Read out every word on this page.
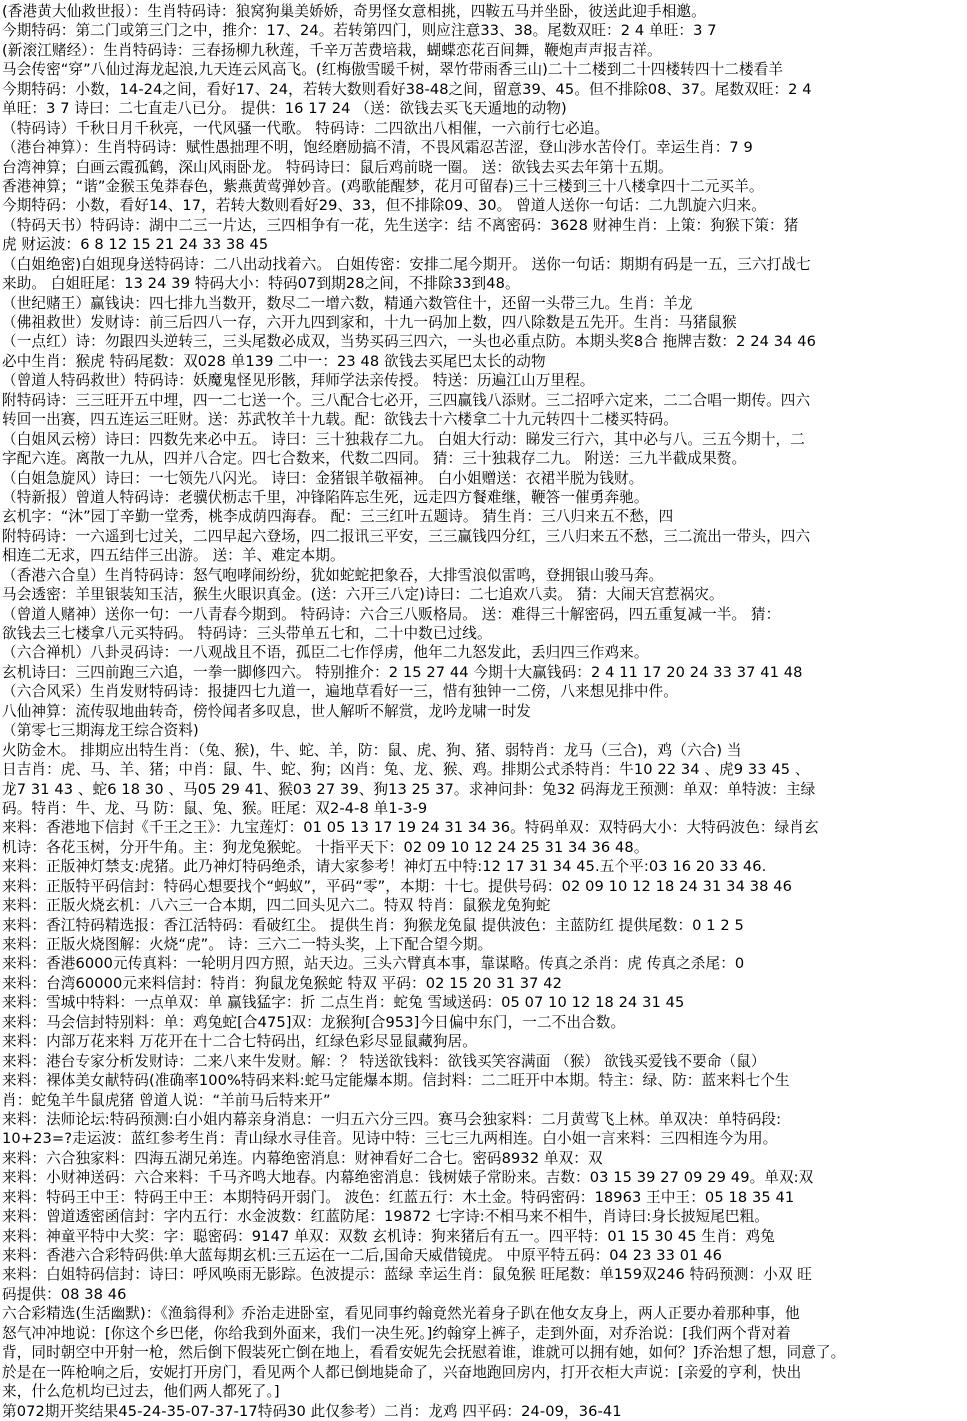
(香港黄大仙救世报）：生肖特码诗：狼窝狗巢美娇娇，奇男怪女意相挑，四鞍五马并坐卧，彼送此迎手相邀。
今期特码：第二门或第三门之中，推介：17、24。若转第四门，则应注意33、38。尾数双旺：2 4 单旺：3 7
(新滚江赌经）：生肖特码诗：三春扬柳九秋莲，千辛万苦费培栽，蝴蝶恋花百间舞，鞭炮声声报吉祥。
马会传密“穿”八仙过海龙起浪,九天连云风高飞。(红梅傲雪暖千树，翠竹带雨香三山)二十二楼到二十四楼转四十二楼看羊
今期特码：小数，14-24之间，看好17、24，若转大数则看好38-48之间，留意39、45。但不排除08、37。尾数双旺：2 4
单旺：3 7 诗曰：二七直走八已分。 提供：16 17 24 （送：欲钱去买飞天遁地的动物)
（特码诗）千秋日月千秋亮，一代风骚一代歌。 特码诗：二四欲出八相催，一六前行七必追。
（港台神算）：生肖特码诗：赋性愚拙理不明，饱经磨励搞不清，不畏风霜忍苦涩，登山涉水苦伶仃。幸运生肖：7 9
台湾神算；白画云霞孤鹤，深山风雨卧龙。 特码诗曰：鼠后鸡前晓一圈。 送：欲钱去买去年第十五期。
香港神算；“谐”金猴玉兔莽春色，紫燕黄莺弹妙音。(鸡歌能醒梦，花月可留春)三十三楼到三十八楼拿四十二元买羊。
今期特码：小数，看好14、17，若转大数则看好29、33，但不排除09、30。 曾道人送你一句话：二九凯旋六归来。
（特码天书）特码诗：湖中二三一片达，三四相争有一花，先生送字：结 不离密码：3628 财神生肖：上策：狗猴下策：猪
虎 财运波：6 8 12 15 21 24 33 38 45
（白姐绝密)白姐现身送特码诗：二八出动找着六。 白姐传密：安排二尾今期开。 送你一句话：期期有码是一五，三六打战七
来助。 白姐旺尾：13 24 39 特码大小：特码07到期28之间，不排除33到48。
（世纪赌王）赢钱诀：四七排九当数开，数尽二一增六数，精通六数管住十，还留一头带三九。生肖：羊龙
（佛祖救世）发财诗：前三后四八一存，六开九四到家和，十九一码加上数，四八除数是五先开。生肖：马猪鼠猴
（一点红）诗：勿跟四头逆转三，三头尾数必成双，当势买码三四六，一头也必重点防。本期头奖8合 拖牌吉数：2 24 34 46
必中生肖：猴虎 特码尾数：双028 单139 二中一：23 48 欲钱去买尾巴太长的动物
（曾道人特码救世）特码诗：妖魔鬼怪见形骸，拜师学法亲传授。 特送：历遍江山万里程。
附特码诗：三三旺开五中埋，四一二七送一个。三八配合七必开，三四赢钱八添财。三二招呼六定来，二二合唱一期传。四六
转回一出赛，四五连运三旺财。送：苏武牧羊十九载。配：欲钱去十六楼拿二十九元转四十二楼买特码。
（白姐风云榜）诗曰：四数先来必中五。 诗曰：三十独栽存二九。 白姐大行动：睇发三行六，其中必与八。三五今期十，二
字配六连。离散一九从，四并八合定。四七合数来，代数二四同。 猜：三十独栽存二九。 附送：三九半截成果赘。
（白姐急旋风）诗曰：一七领先八闪光。 诗曰：金猪银羊敬福神。 白小姐赠送：衣裙半脱为钱财。
（特新报）曾道人特码诗：老骥伏枥志千里，冲锋陷阵忘生死，远走四方餐难继，鞭答一催勇奔驰。
玄机字：“沐”园丁辛勤一堂秀，桃李成荫四海春。 配：三三红叶五题诗。 猜生肖：三八归来五不愁，四
附特码诗：一六遥到七过关，二四早起六登场，四二报讯三平安，三三赢钱四分红，三八归来五不愁，三二流出一带头，四六
相连二无求，四五结伴三出游。 送：羊、难定本期。
（香港六合皇）生肖特码诗：怒气咆哮闹纷纷，犹如蛇蛇把象吞，大排雪浪似雷鸣，登拥银山骏马奔。
马会透密：羊里银装知玉洁，猴生火眼识真金。(送：六开三八定)诗曰：二七追欢八卖。 猜：大闹天宫惹祸灾。
（曾道人赌神）送你一句：一八青春今期到。 特码诗：六合三八贩格局。 送：难得三十解密码，四五重复减一半。 猜：
欲钱去三七楼拿八元买特码。 特码诗：三头带单五七和，二十中数已过线。
（六合禅机）八卦灵码诗：一八观战且不语，孤臣二七作俘虏，他年二九怒发此，丢归四三作鸡来。
玄机诗曰：三四前跑三六追，一拳一脚修四六。 特别推介：2 15 27 44 今期十大赢钱码：2 4 11 17 20 24 33 37 41 48
（六合风采）生肖发财特码诗：报捷四七九道一，遍地草看好一三，惜有独钟一二傍，八来想见排中件。
八仙神算：流传驭地曲转奇，傍怜闻者多叹息，世人解听不解赏，龙吟龙啸一时发
（第零七三期海龙王综合资料)
火防金木。 排期应出特生肖：（兔、猴)，牛、蛇、羊，防：鼠、虎、狗、猪、弱特肖：龙马（三合)，鸡（六合) 当
日吉肖：虎、马、羊、猪；中肖：鼠、牛、蛇、狗；凶肖：兔、龙、猴、鸡。排期公式杀特肖：牛10 22 34 、虎9 33 45 、
龙7 31 43 、蛇6 18 30 、马05 29 41、猴03 27 39、狗13 25 37。求神问卦：兔32 码海龙王预测：单双：单特波：主绿
码。特肖：牛、龙、马 防：鼠、兔、猴。旺尾：双2-4-8 单1-3-9
来料：香港地下信封《千王之王》：九宝莲灯：01 05 13 17 19 24 31 34 36。特码单双：双特码大小：大特码波色：绿肖玄
机诗：各花玉树，分开牛角。主：狗龙兔猴蛇。 十指平天下：02 09 10 12 24 25 31 34 36 48。
来料：正版神灯禁支:虎猪。此乃神灯特码绝杀，请大家参考！神灯五中特:12 17 31 34 45.五个平:03 16 20 33 46.
来料：正版特平码信封：特码心想要找个“蚂蚁”，平码“零”，本期：十七。提供号码：02 09 10 12 18 24 31 34 38 46
来料：正版火烧玄机：八六三一合本期，四二回头见六二。特双 特肖：鼠猴龙兔狗蛇
来料：香江特码精选报：香江活特码：看破红尘。 提供生肖：狗猴龙兔鼠 提供波色：主蓝防红 提供尾数：0 1 2 5
来料：正版火烧图解：火烧“虎”。 诗：三六二一特头奖，上下配合望今期。
来料：香港6000元传真料：一轮明月四方照，站天边。三头六臂真本事，靠谋略。传真之杀肖：虎 传真之杀尾：0
来料：台湾60000元来料信封：特肖：狗鼠龙兔猴蛇 特双 平码：02 15 20 31 37 42
来料：雪城中特料：一点单双：单 赢钱猛字：折 二点生肖：蛇兔 雪域送码：05 07 10 12 18 24 31 45
来料：马会信封特别料：单：鸡兔蛇[合475]双：龙猴狗[合953]今日偏中东门，一二不出合数。
来料：内部万花来料 万花开在十二合七特码出，红绿色彩尽显鼠藏狗居。
来料：港台专家分析发财诗：二来八来牛发财。解：？ 特送欲钱料：欲钱买笑容满面 （猴） 欲钱买爱钱不要命（鼠）
来料：裸体美女献特码(准确率100%特码来料:蛇马定能爆本期。信封料：二二旺开中本期。特主：绿、防：蓝来料七个生
肖：蛇兔羊牛鼠虎猪 曾道人说：“羊前马后特来开”
来料：法师论坛:特码预测:白小姐内幕亲身消息：一归五六分三四。赛马会独家料：二月黄莺飞上林。单双决：单特码段:
10+23=?走运波：蓝红参考生肖：青山绿水寻佳音。见诗中特：三七三九两相连。白小姐一言来料：三四相连今为用。
来料：六合独家料：四海五湖兄弟连。内幕绝密消息：财神看好二合七。密码8932 单双：双
来料：小财神送码：六合来料：千马齐鸣大地春。内幕绝密消息：钱树婊子常盼来。吉数：03 15 39 27 09 29 49。单双:双
来料：特码王中王：特码王中王：本期特码开弱门。 波色：红蓝五行：木土金。特码密码：18963 王中王：05 18 35 41
来料：曾道透密函信封：字内五行：水金波数：红蓝防尾：19872 七字诗:不相马来不相牛，肖诗曰:身长披短尾巴粗。
来料：神童平特中大奖：字：聪密码：9147 单双：双数 玄机诗：狗来猪后有五一。四平特：01 15 30 45 生肖：鸡兔
来料：香港六合彩特码供:单大蓝每期玄机:三五运在一二后,国命天威借镜虎。 中原平特五码：04 23 33 01 46
来料：白姐特码信封：诗曰：呼风唤雨无影踪。色波提示：蓝绿 幸运生肖：鼠兔猴 旺尾数：单159双246 特码预测：小双 旺
码提供：08 38 46
六合彩精选(生活幽默)：《渔翁得利》乔治走进卧室，看见同事约翰竟然光着身子趴在他女友身上，两人正要办着那种事，他
怒气冲冲地说：[你这个乡巴佬，你给我到外面来，我们一决生死。]约翰穿上裤子，走到外面，对乔治说：[我们两个背对着
背，同时朝空中开射一枪，然后倒下假装死亡倒在地上，看看安妮先会抚慰着谁，谁就可以拥有她，如何？]乔治想了想，同意了。
於是在一阵枪响之后，安妮打开房门，看见两个人都已倒地毙命了，兴奋地跑回房内，打开衣柜大声说：[亲爱的亨利，快出
来，什么危机均已过去，他们两人都死了。]
第072期开奖结果45-24-35-07-37-17特码30 此仅参考）二肖：龙鸡 四平码：24-09，36-41
